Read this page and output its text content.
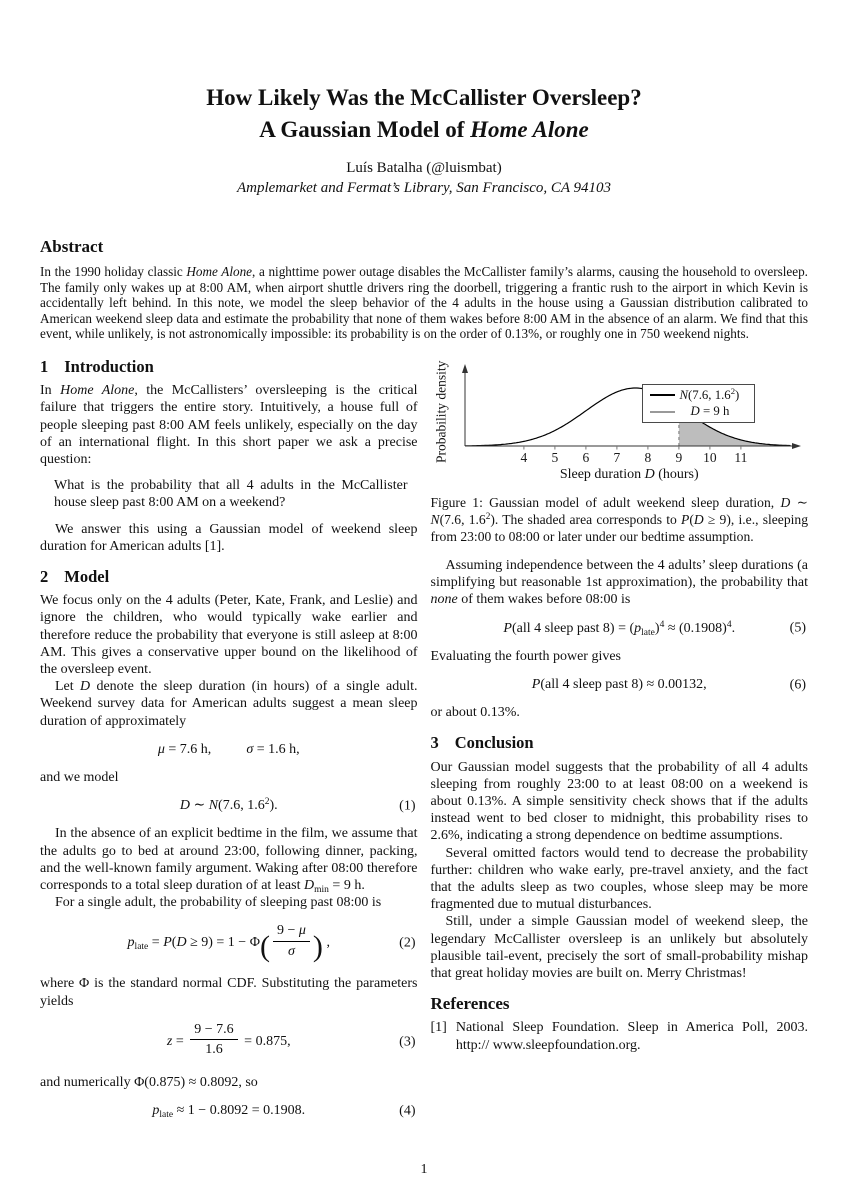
How Likely Was the McCallister Oversleep?
A Gaussian Model of Home Alone
Luís Batalha (@luismbat)
Amplemarket and Fermat’s Library, San Francisco, CA 94103
Abstract

In the 1990 holiday classic Home Alone, a nighttime power outage disables the McCallister family’s alarms, causing the household to oversleep. The family only wakes up at 8:00 AM, when airport shuttle drivers ring the doorbell, triggering a frantic rush to the airport in which Kevin is accidentally left behind. In this note, we model the sleep behavior of the 4 adults in the house using a Gaussian distribution calibrated to American weekend sleep data and estimate the probability that none of them wakes before 8:00 AM in the absence of an alarm. We find that this event, while unlikely, is not astronomically impossible: its probability is on the order of 0.13%, or roughly one in 750 weekend nights.

1 Introduction

In Home Alone, the McCallisters’ oversleeping is the critical failure that triggers the entire story. Intuitively, a house full of people sleeping past 8:00 AM feels unlikely, especially on the day of an international flight. In this short paper we ask a precise question:

What is the probability that all 4 adults in the McCallister house sleep past 8:00 AM on a weekend?

We answer this using a Gaussian model of weekend sleep duration for American adults [1].

2 Model

We focus only on the 4 adults (Peter, Kate, Frank, and Leslie) and ignore the children, who would typically wake earlier and therefore reduce the probability that everyone is still asleep at 8:00 AM. This gives a conservative upper bound on the likelihood of the oversleep event.

Let D denote the sleep duration (in hours) of a single adult. Weekend survey data for American adults suggest a mean sleep duration of approximately

μ = 7.6 h,   	σ = 1.6 h,

and we model

D ∼ N(7.6, $1.6^2$).	(1)

In the absence of an explicit bedtime in the film, we assume that the adults go to bed at around 23:00, following dinner, packing, and the well-known family argument. Waking after 08:00 therefore corresponds to a total sleep duration of at least $D_{min} = 9$ h.

For a single adult, the probability of sleeping past 08:00 is

$p_{late} = P(D \ge 9) = 1 - \Phi( \frac{9 - \mu}{\sigma}$ ) ,	(2)

where Φ is the standard normal CDF. Substituting the parameters yields

$z = \frac{9 - 7.6}{1.6} = 0.875$,	(3)

and numerically Φ(0.875) ≈ 0.8092, so

$p_{late} \approx 1 - 0.8092 = 0.1908$.	(4)
Probability density	4 5 6 7 8 9 10 11
N(7.6, $1.6^2$)
D = 9 h
Sleep duration D (hours)
Figure 1: Gaussian model of adult weekend sleep duration, D ∼ N(7.6, $1.6^2$). The shaded area corresponds to P(D ≥ 9), i.e., sleeping from 23:00 to 08:00 or later under our bedtime assumption.

Assuming independence between the 4 adults’ sleep durations (a simplifying but reasonable 1st approximation), the probability that none of them wakes before 08:00 is

P(all 4 sleep past $8) = (p_{late})^4 \approx (0.1908)^4$.	(5)

Evaluating the fourth power gives

P(all 4 sleep past 8) ≈ 0.00132,	(6)

or about 0.13%.

3 Conclusion

Our Gaussian model suggests that the probability of all 4 adults sleeping from roughly 23:00 to at least 08:00 on a weekend is about 0.13%. A simple sensitivity check shows that if the adults instead went to bed closer to midnight, this probability rises to 2.6%, indicating a strong dependence on bedtime assumptions.

Several omitted factors would tend to decrease the probability further: children who wake early, pre-travel anxiety, and the fact that the adults sleep as two couples, whose sleep may be more fragmented due to mutual disturbances.

Still, under a simple Gaussian model of weekend sleep, the legendary McCallister oversleep is an unlikely but absolutely plausible tail-event, precisely the sort of small-probability mishap that great holiday movies are built on. Merry Christmas!

References
[1] National Sleep Foundation. Sleep in America Poll, 2003. http:// www.sleepfoundation.org.
1
